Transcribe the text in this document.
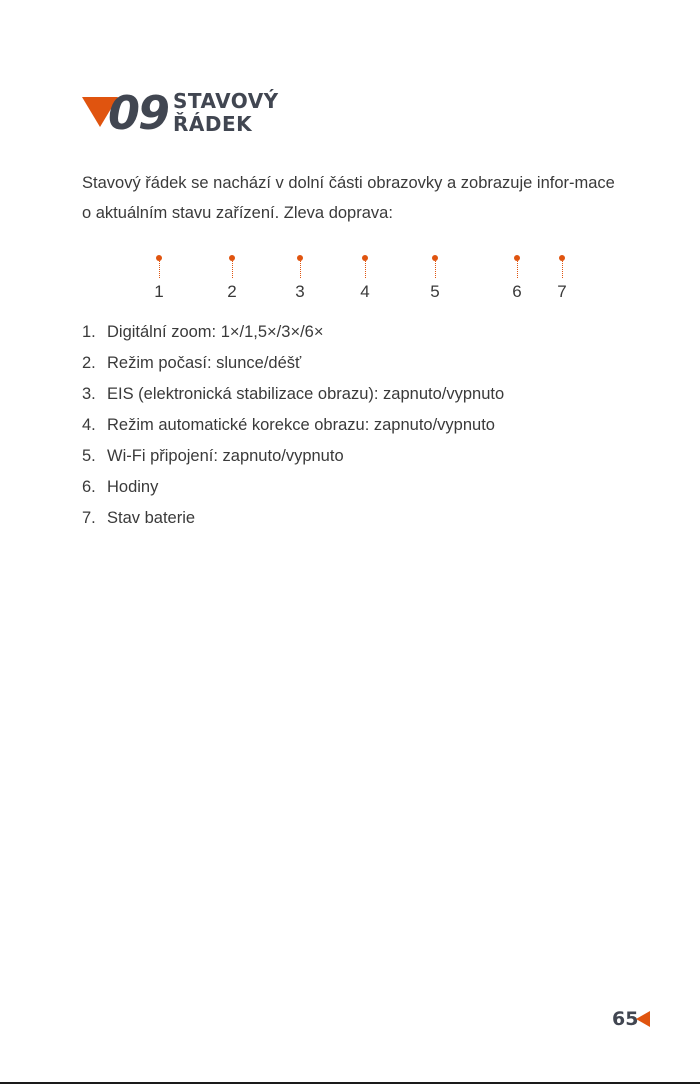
09 STAVOVÝ
ŘÁDEK

Stavový řádek se nachází v dolní části obrazovky a zobrazuje infor-mace o aktuálním stavu zařízení. Zleva doprava:

1	2	3	4	5	6	7
1. Digitální zoom: 1×/1,5×/3×/6×
2. Režim počasí: slunce/déšť
3. EIS (elektronická stabilizace obrazu): zapnuto/vypnuto
4. Režim automatické korekce obrazu: zapnuto/vypnuto
5. Wi-Fi připojení: zapnuto/vypnuto
6. Hodiny
7. Stav baterie
65
